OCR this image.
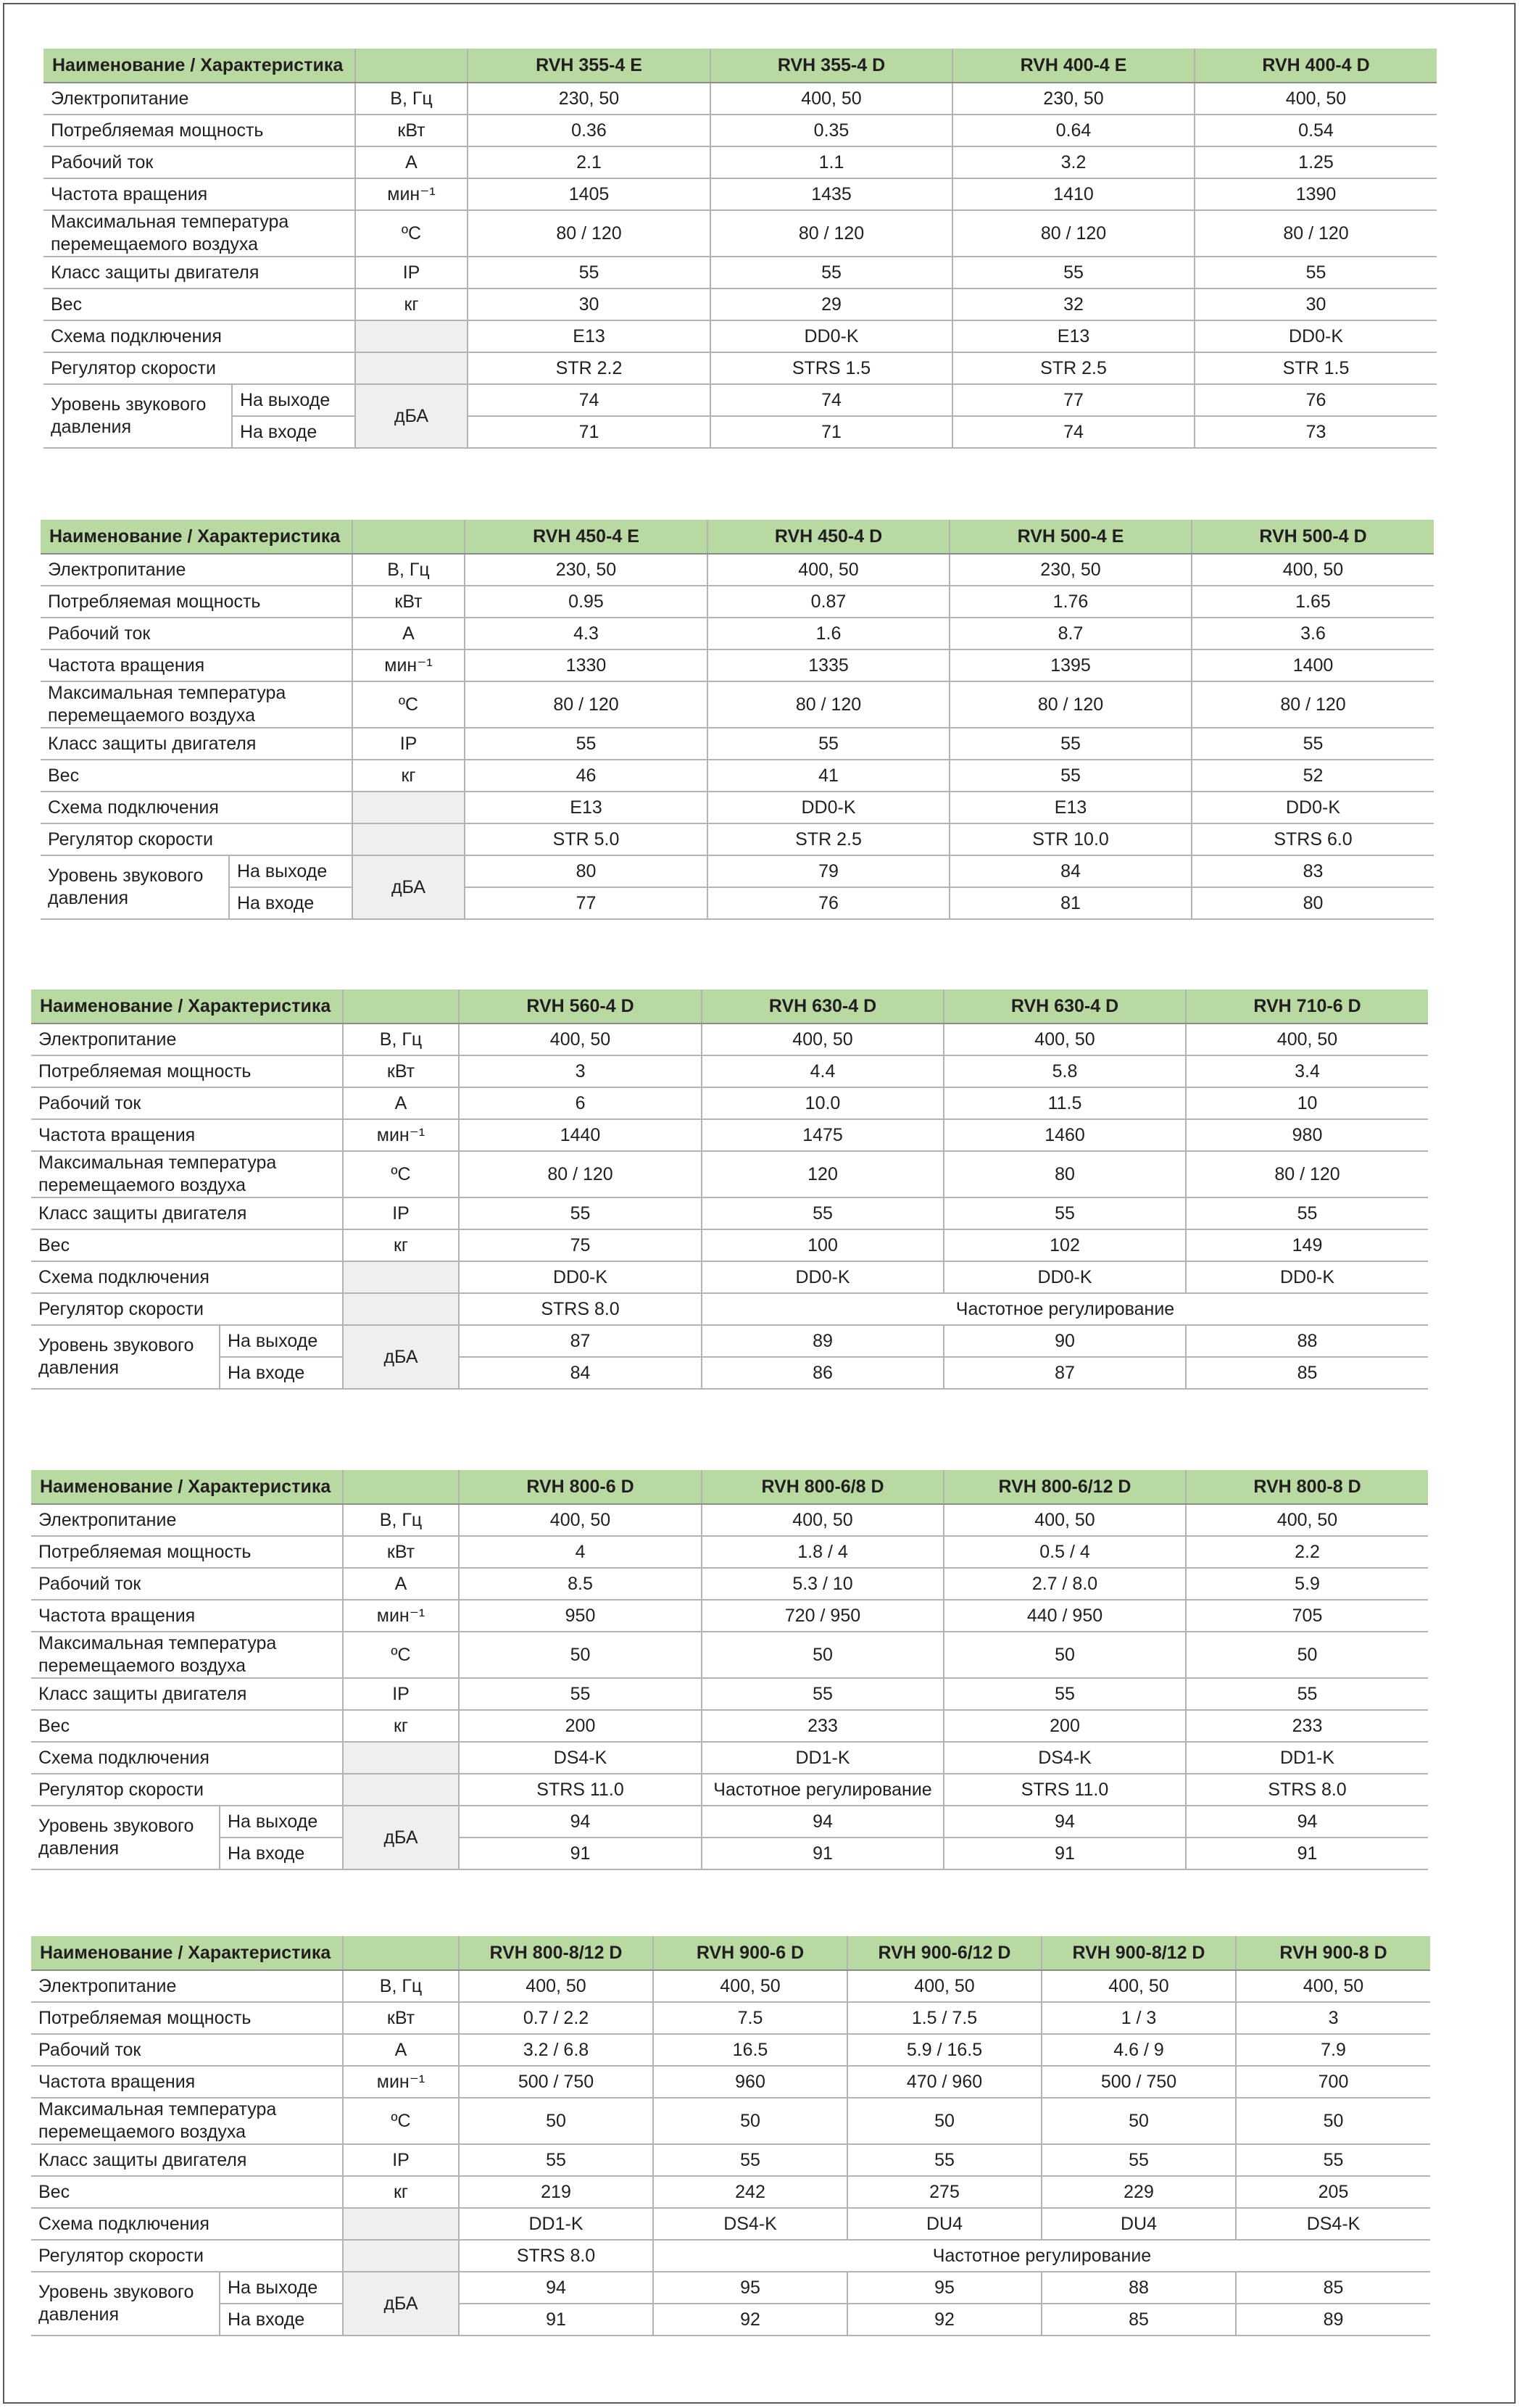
Наименование / Характеристика			RVH 355-4 E	RVH 355-4 D	RVH 400-4 E	RVH 400-4 D
Электропитание		В, Гц	230, 50	400, 50	230, 50	400, 50
Потребляемая мощность		кВт	0.36	0.35	0.64	0.54
Рабочий ток		А	2.1	1.1	3.2	1.25
Частота вращения		мин⁻¹	1405	1435	1410	1390
Максимальная температура перемещаемого воздуха		ºС	80 / 120	80 / 120	80 / 120	80 / 120
Класс защиты двигателя		IP	55	55	55	55
Вес		кг	30	29	32	30
Схема подключения			E13	DD0-K	E13	DD0-K
Регулятор скорости			STR 2.2	STRS 1.5	STR 2.5	STR 1.5
Уровень звукового давления	На выходе	дБА	74	74	77	76
	На входе		71	71	74	73
Наименование / Характеристика			RVH 450-4 E	RVH 450-4 D	RVH 500-4 E	RVH 500-4 D
Электропитание		В, Гц	230, 50	400, 50	230, 50	400, 50
Потребляемая мощность		кВт	0.95	0.87	1.76	1.65
Рабочий ток		А	4.3	1.6	8.7	3.6
Частота вращения		мин⁻¹	1330	1335	1395	1400
Максимальная температура перемещаемого воздуха		ºС	80 / 120	80 / 120	80 / 120	80 / 120
Класс защиты двигателя		IP	55	55	55	55
Вес		кг	46	41	55	52
Схема подключения			E13	DD0-K	E13	DD0-K
Регулятор скорости			STR 5.0	STR 2.5	STR 10.0	STRS 6.0
Уровень звукового давления	На выходе	дБА	80	79	84	83
	На входе		77	76	81	80
Наименование / Характеристика			RVH 560-4 D	RVH 630-4 D	RVH 630-4 D	RVH 710-6 D
Электропитание		В, Гц	400, 50	400, 50	400, 50	400, 50
Потребляемая мощность		кВт	3	4.4	5.8	3.4
Рабочий ток		А	6	10.0	11.5	10
Частота вращения		мин⁻¹	1440	1475	1460	980
Максимальная температура перемещаемого воздуха		ºС	80 / 120	120	80	80 / 120
Класс защиты двигателя		IP	55	55	55	55
Вес		кг	75	100	102	149
Схема подключения			DD0-K	DD0-K	DD0-K	DD0-K
Регулятор скорости			STRS 8.0	Частотное регулирование		
Уровень звукового давления	На выходе	дБА	87	89	90	88
	На входе		84	86	87	85
Наименование / Характеристика			RVH 800-6 D	RVH 800-6/8 D	RVH 800-6/12 D	RVH 800-8 D
Электропитание		В, Гц	400, 50	400, 50	400, 50	400, 50
Потребляемая мощность		кВт	4	1.8 / 4	0.5 / 4	2.2
Рабочий ток		А	8.5	5.3 / 10	2.7 / 8.0	5.9
Частота вращения		мин⁻¹	950	720 / 950	440 / 950	705
Максимальная температура перемещаемого воздуха		ºС	50	50	50	50
Класс защиты двигателя		IP	55	55	55	55
Вес		кг	200	233	200	233
Схема подключения			DS4-K	DD1-K	DS4-K	DD1-K
Регулятор скорости			STRS 11.0	Частотное регулирование	STRS 11.0	STRS 8.0
Уровень звукового давления	На выходе	дБА	94	94	94	94
	На входе		91	91	91	91
Наименование / Характеристика			RVH 800-8/12 D	RVH 900-6 D	RVH 900-6/12 D	RVH 900-8/12 D	RVH 900-8 D
Электропитание		В, Гц	400, 50	400, 50	400, 50	400, 50	400, 50
Потребляемая мощность		кВт	0.7 / 2.2	7.5	1.5 / 7.5	1 / 3	3
Рабочий ток		А	3.2 / 6.8	16.5	5.9 / 16.5	4.6 / 9	7.9
Частота вращения		мин⁻¹	500 / 750	960	470 / 960	500 / 750	700
Максимальная температура перемещаемого воздуха		ºС	50	50	50	50	50
Класс защиты двигателя		IP	55	55	55	55	55
Вес		кг	219	242	275	229	205
Схема подключения			DD1-K	DS4-K	DU4	DU4	DS4-K
Регулятор скорости			STRS 8.0	Частотное регулирование			
Уровень звукового давления	На выходе	дБА	94	95	95	88	85
	На входе		91	92	92	85	89
